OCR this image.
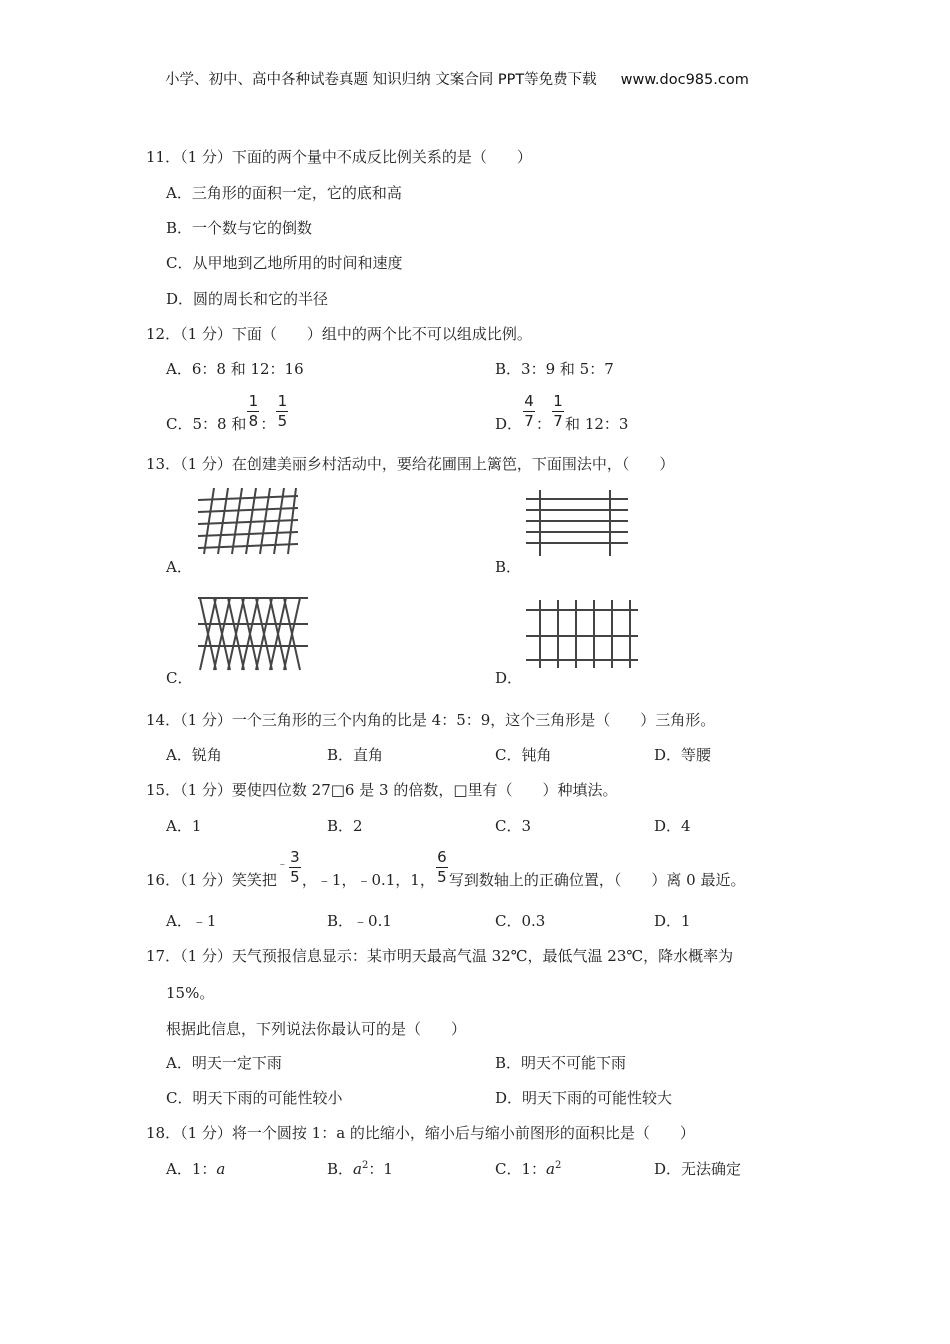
小学、初中、高中各种试卷真题 知识归纳 文案合同 PPT等免费下载 www.doc985.com
11．（1 分）下面的两个量中不成反比例关系的是（　　）
A．三角形的面积一定，它的底和高
B．一个数与它的倒数
C．从甲地到乙地所用的时间和速度
D．圆的周长和它的半径
12．（1 分）下面（　　）组中的两个比不可以组成比例。
A．6：8 和 12：16	B．3：9 和 5：7
C．5：8 和 $\frac{1}{8}$ ： $\frac{1}{5}$	D． $\frac{4}{7}$ ： $\frac{1}{7}$ 和 12：3
13．（1 分）在创建美丽乡村活动中，要给花圃围上篱笆，下面围法中，（　　）
A．	B．
C．	D．
14．（1 分）一个三角形的三个内角的比是 4：5：9，这个三角形是（　　）三角形。
A．锐角	B．直角	C．钝角	D．等腰
15．（1 分）要使四位数 27□6 是 3 的倍数，□里有（　　）种填法。
A．1	B．2	C．3	D．4
16．（1 分）笑笑把$^﹣ \frac{3}{5}$ ，﹣1，﹣0.1，1， $\frac{6}{5}$ 写到数轴上的正确位置，（　　）离 0 最近。
A．﹣1	B．﹣0.1	C．0.3	D．1
17．（1 分）天气预报信息显示：某市明天最高气温 32℃，最低气温 23℃，降水概率为
15%。
根据此信息，下列说法你最认可的是（　　）
A．明天一定下雨	B．明天不可能下雨
C．明天下雨的可能性较小	D．明天下雨的可能性较大
18．（1 分）将一个圆按 1：a 的比缩小，缩小后与缩小前图形的面积比是（　　）
A．1：a	B．$a^2$：1	C．1：$a^2$	D．无法确定
